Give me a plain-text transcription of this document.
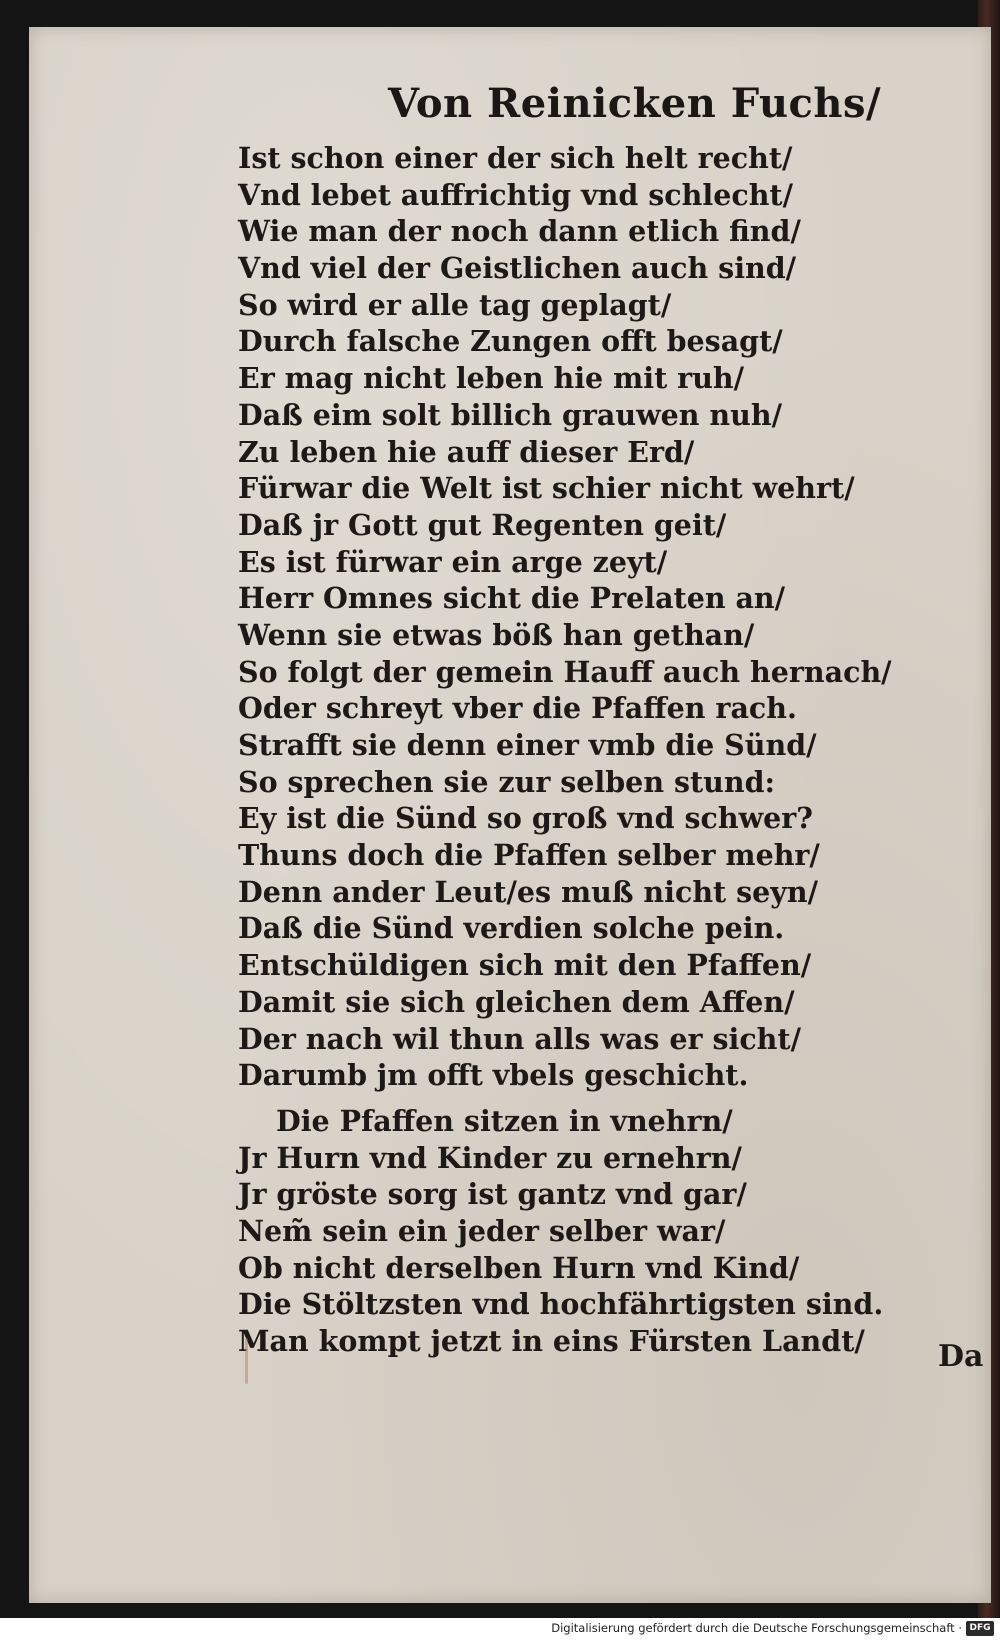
Von Reinicken Fuchs/
Ist schon einer der sich helt recht/
Vnd lebet auffrichtig vnd schlecht/
Wie man der noch dann etlich find/
Vnd viel der Geistlichen auch sind/
So wird er alle tag geplagt/
Durch falsche Zungen offt besagt/
Er mag nicht leben hie mit ruh/
Daß eim solt billich grauwen nuh/
Zu leben hie auff dieser Erd/
Fürwar die Welt ist schier nicht wehrt/
Daß jr Gott gut Regenten geit/
Es ist fürwar ein arge zeyt/
Herr Omnes sicht die Prelaten an/
Wenn sie etwas böß han gethan/
So folgt der gemein Hauff auch hernach/
Oder schreyt vber die Pfaffen rach.
Strafft sie denn einer vmb die Sünd/
So sprechen sie zur selben stund:
Ey ist die Sünd so groß vnd schwer?
Thuns doch die Pfaffen selber mehr/
Denn ander Leut/es muß nicht seyn/
Daß die Sünd verdien solche pein.
Entschüldigen sich mit den Pfaffen/
Damit sie sich gleichen dem Affen/
Der nach wil thun alls was er sicht/
Darumb jm offt vbels geschicht.
Die Pfaffen sitzen in vnehrn/
Jr Hurn vnd Kinder zu ernehrn/
Jr gröste sorg ist gantz vnd gar/
Nem̃ sein ein jeder selber war/
Ob nicht derselben Hurn vnd Kind/
Die Stöltzsten vnd hochfährtigsten sind.
Man kompt jetzt in eins Fürsten Landt/	Da
Digitalisierung gefördert durch die Deutsche Forschungsgemeinschaft · DFG
